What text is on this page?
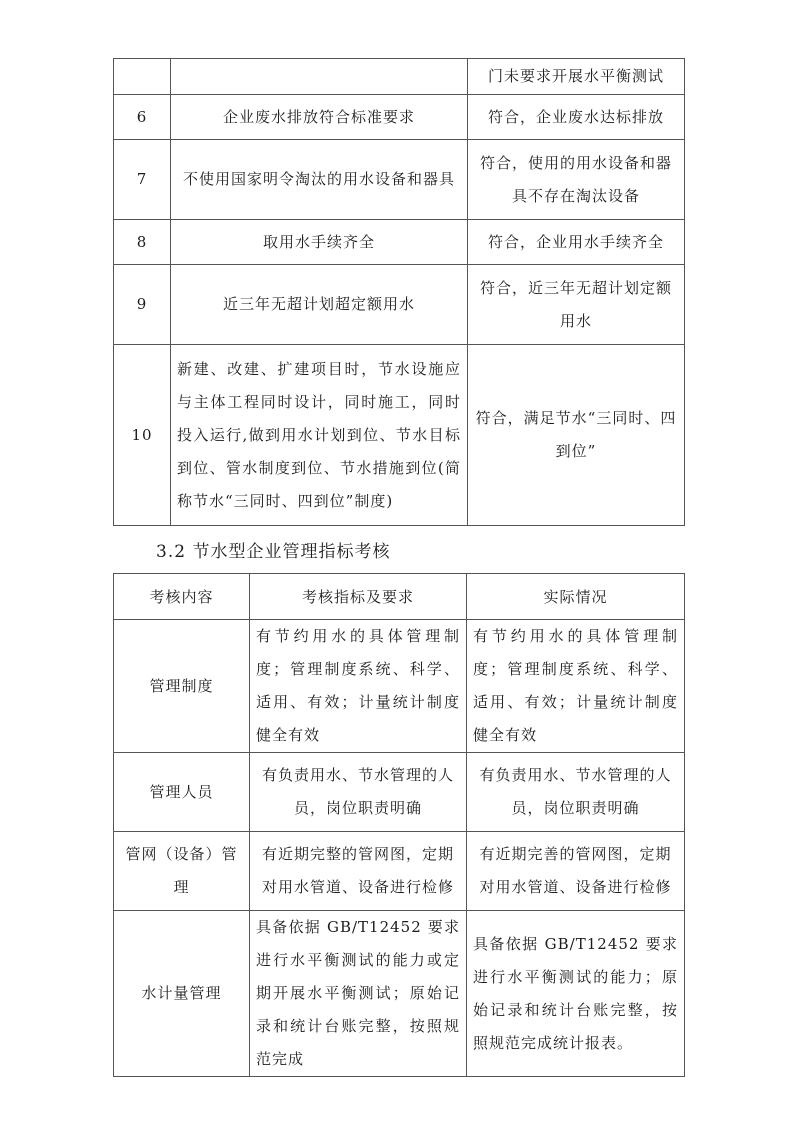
		门未要求开展水平衡测试
6	企业废水排放符合标准要求	符合，企业废水达标排放
7	不使用国家明令淘汰的用水设备和器具	符合，使用的用水设备和器具不存在淘汰设备
8	取用水手续齐全	符合，企业用水手续齐全
9	近三年无超计划超定额用水	符合，近三年无超计划定额用水
10	新建、改建、扩建项目时，节水设施应与主体工程同时设计，同时施工，同时投入运行,做到用水计划到位、节水目标到位、管水制度到位、节水措施到位(简称节水“三同时、四到位”制度)	符合，满足节水“三同时、四到位”
3.2 节水型企业管理指标考核
考核内容	考核指标及要求	实际情况
管理制度	有节约用水的具体管理制度；管理制度系统、科学、适用、有效；计量统计制度健全有效	有节约用水的具体管理制度；管理制度系统、科学、适用、有效；计量统计制度健全有效
管理人员	有负责用水、节水管理的人员，岗位职责明确	有负责用水、节水管理的人员，岗位职责明确
管网（设备）管理	有近期完整的管网图，定期对用水管道、设备进行检修	有近期完善的管网图，定期对用水管道、设备进行检修
水计量管理	具备依据 GB/T12452 要求进行水平衡测试的能力或定期开展水平衡测试；原始记录和统计台账完整，按照规范完成	具备依据 GB/T12452 要求进行水平衡测试的能力；原始记录和统计台账完整，按照规范完成统计报表。
